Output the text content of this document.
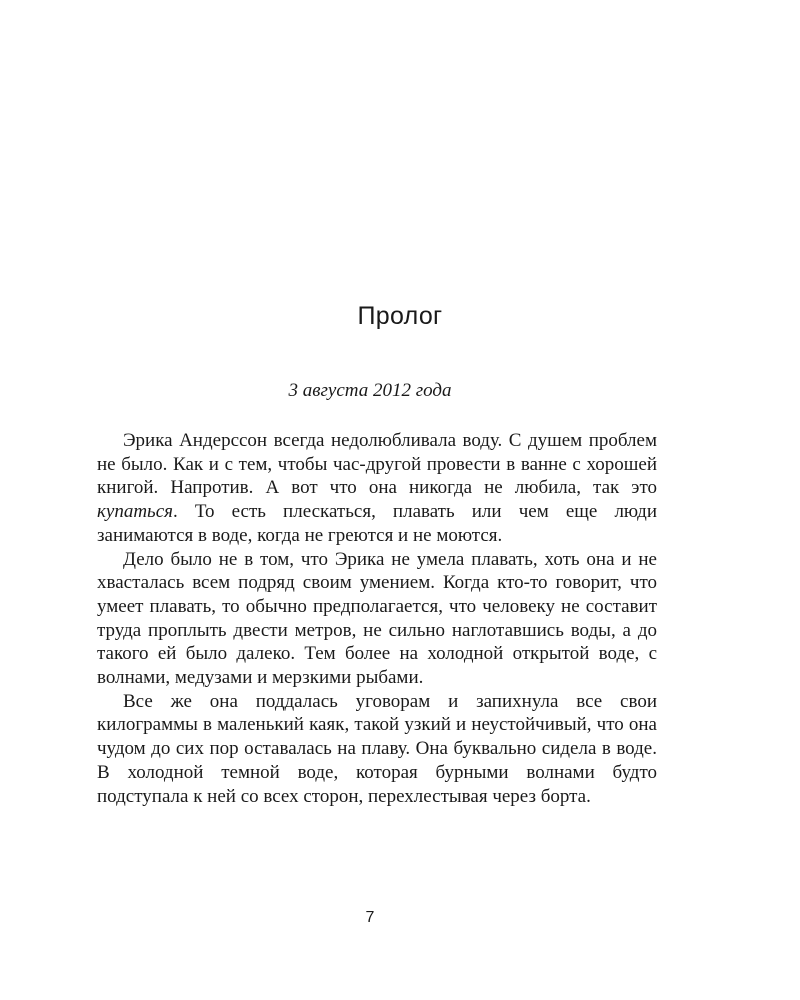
Пролог
3 августа 2012 года

Эрика Андерссон всегда недолюбливала воду. С душем проблем не было. Как и с тем, чтобы час-другой провести в ванне с хорошей книгой. Напротив. А вот что она никогда не любила, так это купаться. То есть плескаться, плавать или чем еще люди занимаются в воде, когда не греются и не моются.

Дело было не в том, что Эрика не умела плавать, хоть она и не хвасталась всем подряд своим умением. Когда кто-то говорит, что умеет плавать, то обычно предполагается, что человеку не составит труда проплыть двести метров, не сильно наглотавшись воды, а до такого ей было далеко. Тем более на холодной открытой воде, с волнами, медузами и мерзкими рыбами.

Все же она поддалась уговорам и запихнула все свои килограммы в маленький каяк, такой узкий и неустойчивый, что она чудом до сих пор оставалась на плаву. Она буквально сидела в воде. В холодной темной воде, которая бурными волнами будто подступала к ней со всех сторон, перехлестывая через борта.

7
